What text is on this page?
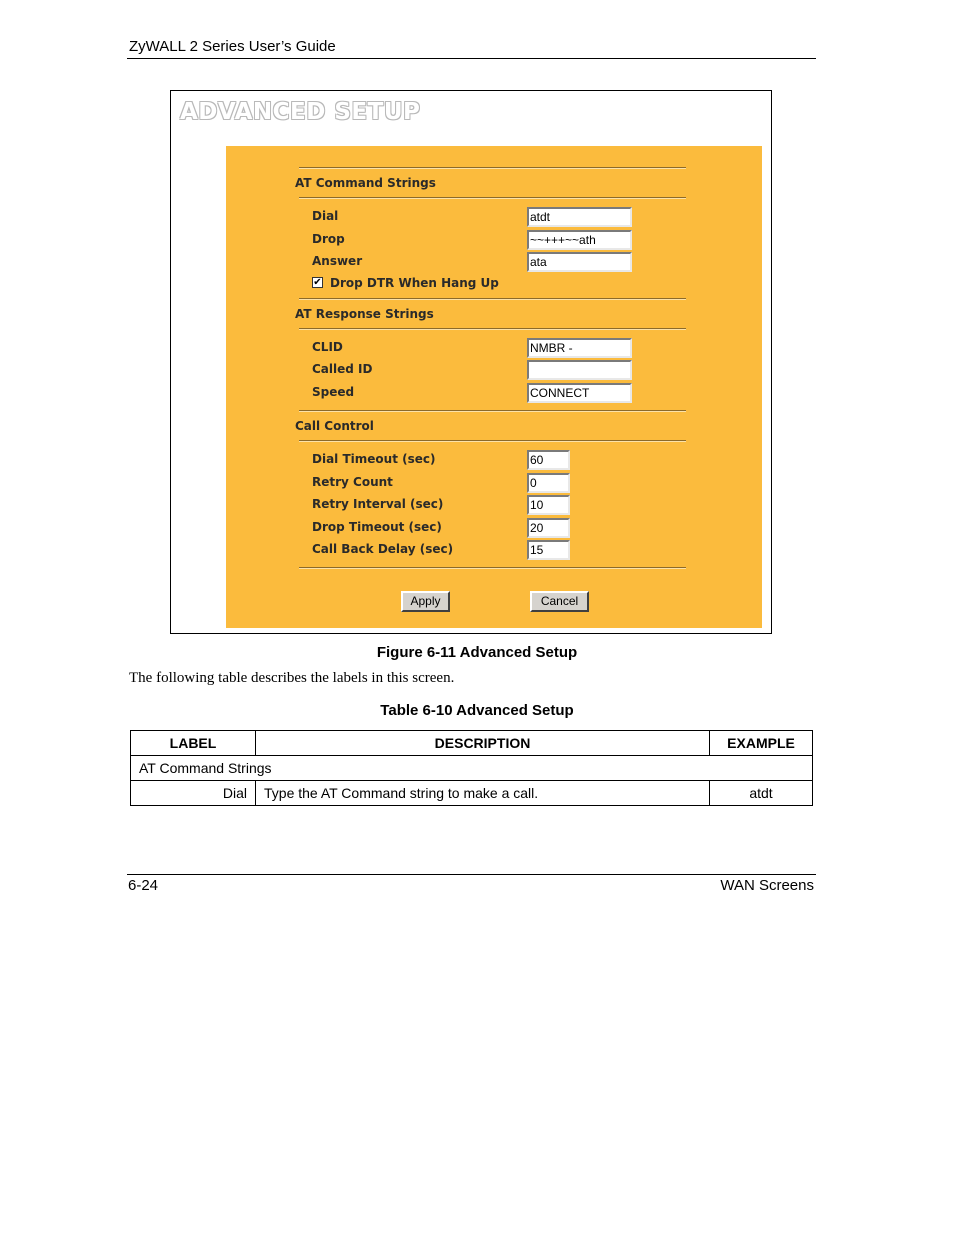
ZyWALL 2 Series User’s Guide
ADVANCED SETUP
AT Command Strings
Dial	atdt
Drop	~~+++~~ath
Answer	ata
✔ Drop DTR When Hang Up
AT Response Strings
CLID	NMBR -
Called ID
Speed	CONNECT
Call Control
Dial Timeout (sec)	60
Retry Count	0
Retry Interval (sec)	10
Drop Timeout (sec)	20
Call Back Delay (sec)	15
Apply	Cancel
Figure 6-11 Advanced Setup
The following table describes the labels in this screen.
Table 6-10 Advanced Setup
LABEL	DESCRIPTION	EXAMPLE
AT Command Strings		
Dial	Type the AT Command string to make a call.	atdt
6-24	WAN Screens
